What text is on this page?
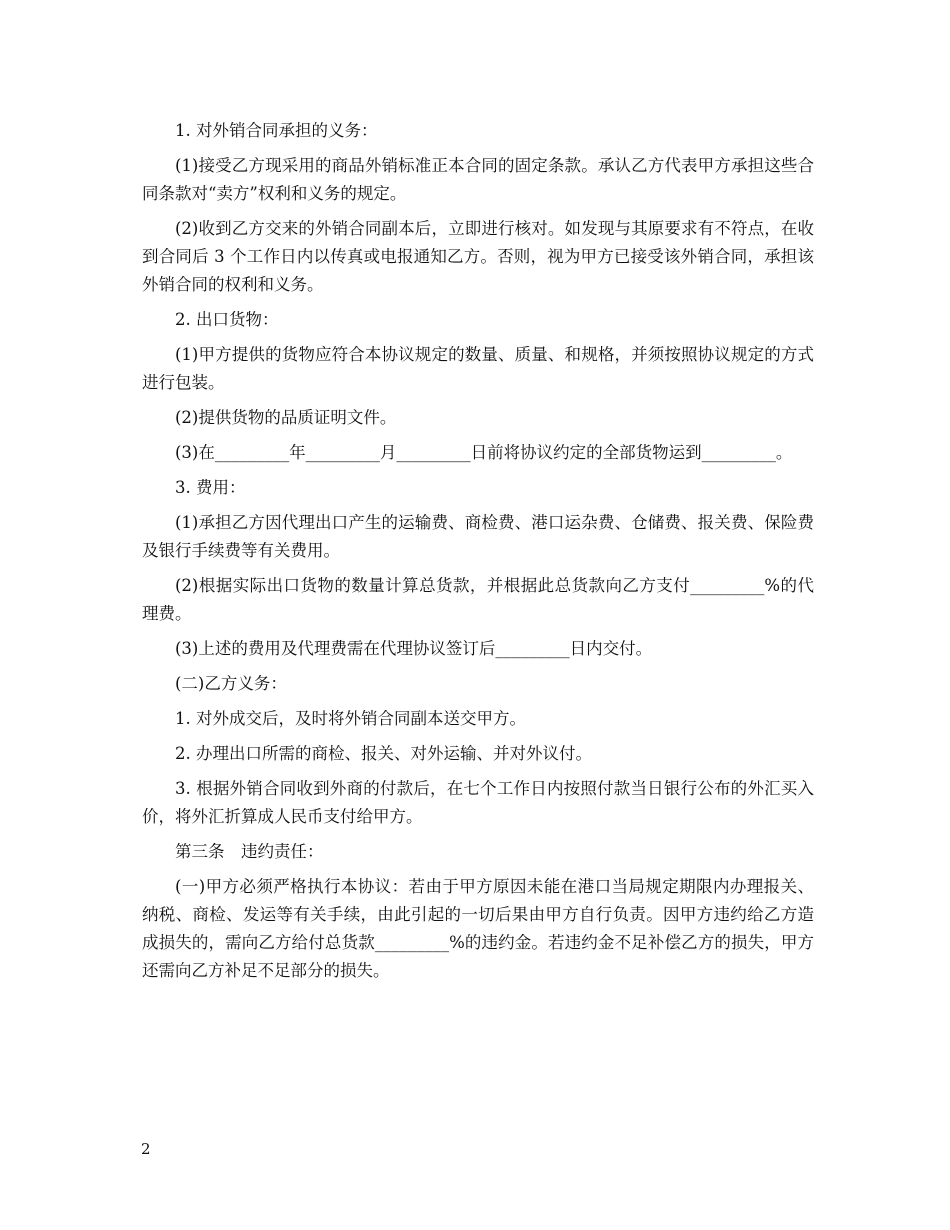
1. 对外销合同承担的义务：

(1)接受乙方现采用的商品外销标准正本合同的固定条款。承认乙方代表甲方承担这些合同条款对“卖方”权利和义务的规定。

(2)收到乙方交来的外销合同副本后，立即进行核对。如发现与其原要求有不符点，在收到合同后 3 个工作日内以传真或电报通知乙方。否则，视为甲方已接受该外销合同，承担该外销合同的权利和义务。

2. 出口货物：

(1)甲方提供的货物应符合本协议规定的数量、质量、和规格，并须按照协议规定的方式进行包装。

(2)提供货物的品质证明文件。

(3)在_________年_________月_________日前将协议约定的全部货物运到_________。

3. 费用：

(1)承担乙方因代理出口产生的运输费、商检费、港口运杂费、仓储费、报关费、保险费及银行手续费等有关费用。

(2)根据实际出口货物的数量计算总货款，并根据此总货款向乙方支付_________%的代理费。

(3)上述的费用及代理费需在代理协议签订后_________日内交付。

(二)乙方义务：

1. 对外成交后，及时将外销合同副本送交甲方。

2. 办理出口所需的商检、报关、对外运输、并对外议付。

3. 根据外销合同收到外商的付款后，在七个工作日内按照付款当日银行公布的外汇买入价，将外汇折算成人民币支付给甲方。

第三条　违约责任：

(一)甲方必须严格执行本协议：若由于甲方原因未能在港口当局规定期限内办理报关、纳税、商检、发运等有关手续，由此引起的一切后果由甲方自行负责。因甲方违约给乙方造成损失的，需向乙方给付总货款_________%的违约金。若违约金不足补偿乙方的损失，甲方还需向乙方补足不足部分的损失。

2
